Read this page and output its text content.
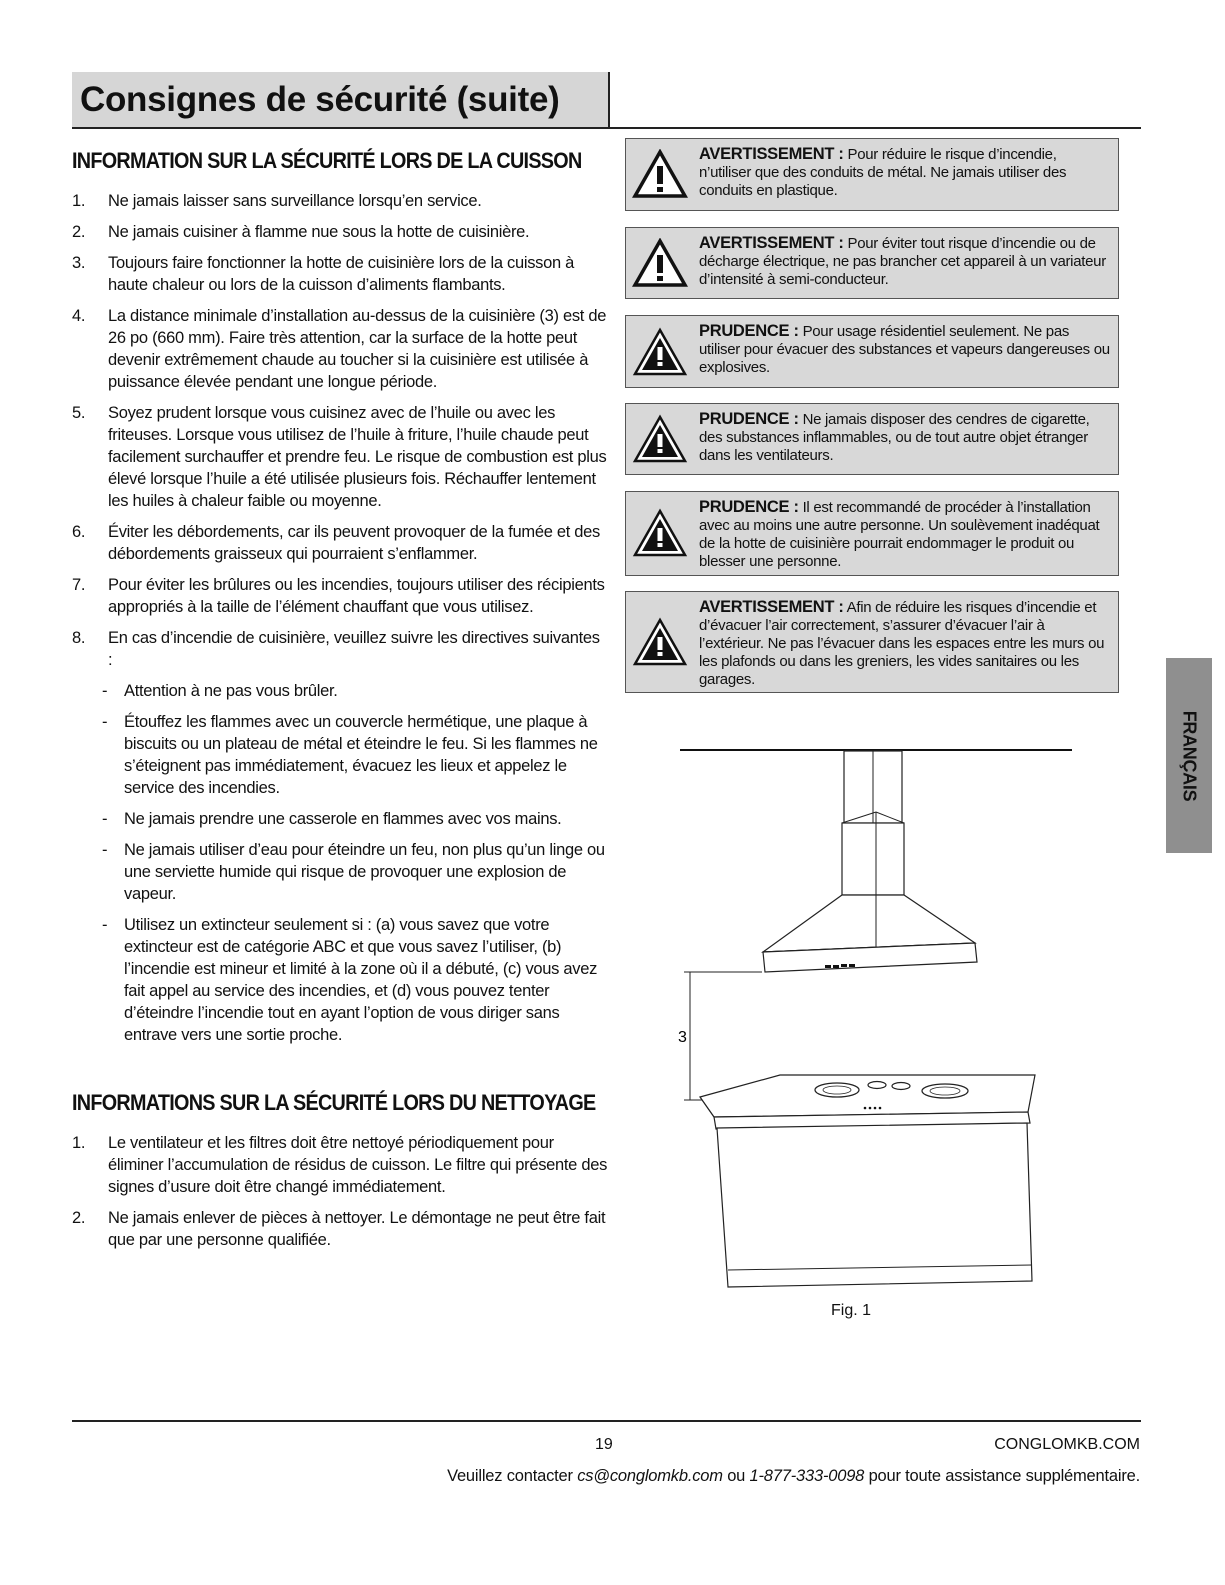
Consignes de sécurité (suite)
INFORMATION SUR LA SÉCURITÉ LORS DE LA CUISSON
1. Ne jamais laisser sans surveillance lorsqu’en service.
2. Ne jamais cuisiner à flamme nue sous la hotte de cuisinière.
3. Toujours faire fonctionner la hotte de cuisinière lors de la cuisson à haute chaleur ou lors de la cuisson d’aliments flambants.
4. La distance minimale d’installation au-dessus de la cuisinière (3) est de 26 po (660 mm). Faire très attention, car la surface de la hotte peut devenir extrêmement chaude au toucher si la cuisinière est utilisée à puissance élevée pendant une longue période.
5. Soyez prudent lorsque vous cuisinez avec de l’huile ou avec les friteuses. Lorsque vous utilisez de l’huile à friture, l’huile chaude peut facilement surchauffer et prendre feu. Le risque de combustion est plus élevé lorsque l’huile a été utilisée plusieurs fois. Réchauffer lentement les huiles à chaleur faible ou moyenne.
6. Éviter les débordements, car ils peuvent provoquer de la fumée et des débordements graisseux qui pourraient s’enflammer.
7. Pour éviter les brûlures ou les incendies, toujours utiliser des récipients appropriés à la taille de l’élément chauffant que vous utilisez.
8. En cas d’incendie de cuisinière, veuillez suivre les directives suivantes :
- Attention à ne pas vous brûler.
- Étouffez les flammes avec un couvercle hermétique, une plaque à biscuits ou un plateau de métal et éteindre le feu. Si les flammes ne s’éteignent pas immédiatement, évacuez les lieux et appelez le service des incendies.
- Ne jamais prendre une casserole en flammes avec vos mains.
- Ne jamais utiliser d’eau pour éteindre un feu, non plus qu’un linge ou une serviette humide qui risque de provoquer une explosion de vapeur.
- Utilisez un extincteur seulement si : (a) vous savez que votre extincteur est de catégorie ABC et que vous savez l’utiliser, (b) l’incendie est mineur et limité à la zone où il a débuté, (c) vous avez fait appel au service des incendies, et (d) vous pouvez tenter d’éteindre l’incendie tout en ayant l’option de vous diriger sans entrave vers une sortie proche.
INFORMATIONS SUR LA SÉCURITÉ LORS DU NETTOYAGE
1. Le ventilateur et les filtres doit être nettoyé périodiquement pour éliminer l’accumulation de résidus de cuisson. Le filtre qui présente des signes d’usure doit être changé immédiatement.
2. Ne jamais enlever de pièces à nettoyer. Le démontage ne peut être fait que par une personne qualifiée.
AVERTISSEMENT : Pour réduire le risque d’incendie, n’utiliser que des conduits de métal. Ne jamais utiliser des conduits en plastique.
AVERTISSEMENT : Pour éviter tout risque d’incendie ou de décharge électrique, ne pas brancher cet appareil à un variateur d’intensité à semi-conducteur.
PRUDENCE : Pour usage résidentiel seulement. Ne pas utiliser pour évacuer des substances et vapeurs dangereuses ou explosives.
PRUDENCE : Ne jamais disposer des cendres de cigarette, des substances inflammables, ou de tout autre objet étranger dans les ventilateurs.
PRUDENCE : Il est recommandé de procéder à l’installation avec au moins une autre personne. Un soulèvement inadéquat de la hotte de cuisinière pourrait endommager le produit ou blesser une personne.
AVERTISSEMENT : Afin de réduire les risques d’incendie et d’évacuer l’air correctement, s’assurer d’évacuer l’air à l’extérieur. Ne pas l’évacuer dans les espaces entre les murs ou les plafonds ou dans les greniers, les vides sanitaires ou les garages.
FRANÇAIS
3
Fig. 1
19	CONGLOMKB.COM
Veuillez contacter cs@conglomkb.com ou 1-877-333-0098 pour toute assistance supplémentaire.
